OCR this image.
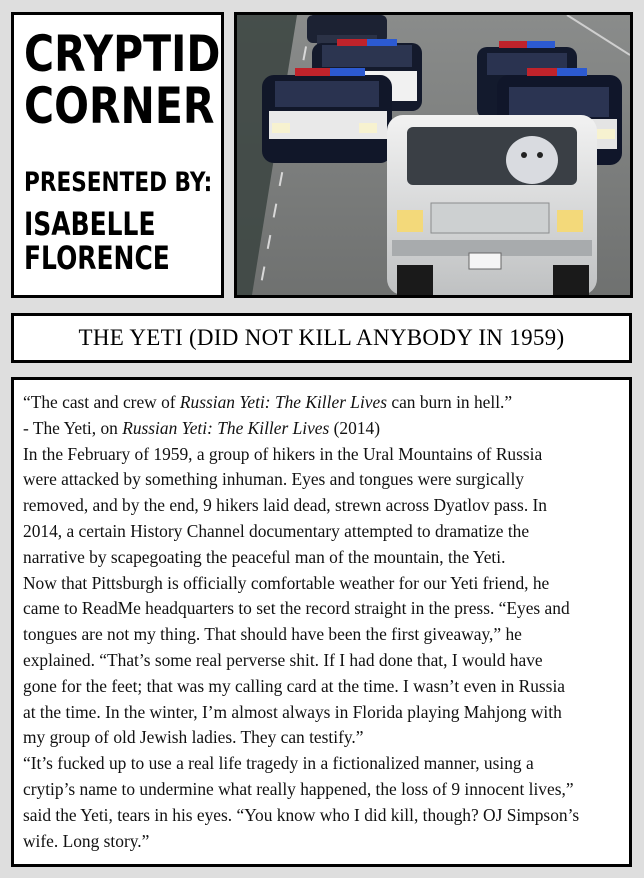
CRYPTID
CORNER
PRESENTED BY:
ISABELLE
FLORENCE
THE YETI (DID NOT KILL ANYBODY IN 1959)
“The cast and crew of Russian Yeti: The Killer Lives can burn in hell.”
- The Yeti, on Russian Yeti: The Killer Lives (2014)
In the February of 1959, a group of hikers in the Ural Mountains of Russia
were attacked by something inhuman. Eyes and tongues were surgically
removed, and by the end, 9 hikers laid dead, strewn across Dyatlov pass. In
2014, a certain History Channel documentary attempted to dramatize the
narrative by scapegoating the peaceful man of the mountain, the Yeti.
Now that Pittsburgh is officially comfortable weather for our Yeti friend, he
came to ReadMe headquarters to set the record straight in the press. “Eyes and
tongues are not my thing. That should have been the first giveaway,” he
explained. “That’s some real perverse shit. If I had done that, I would have
gone for the feet; that was my calling card at the time. I wasn’t even in Russia
at the time. In the winter, I’m almost always in Florida playing Mahjong with
my group of old Jewish ladies. They can testify.”
“It’s fucked up to use a real life tragedy in a fictionalized manner, using a
crytip’s name to undermine what really happened, the loss of 9 innocent lives,”
said the Yeti, tears in his eyes. “You know who I did kill, though? OJ Simpson’s
wife. Long story.”
